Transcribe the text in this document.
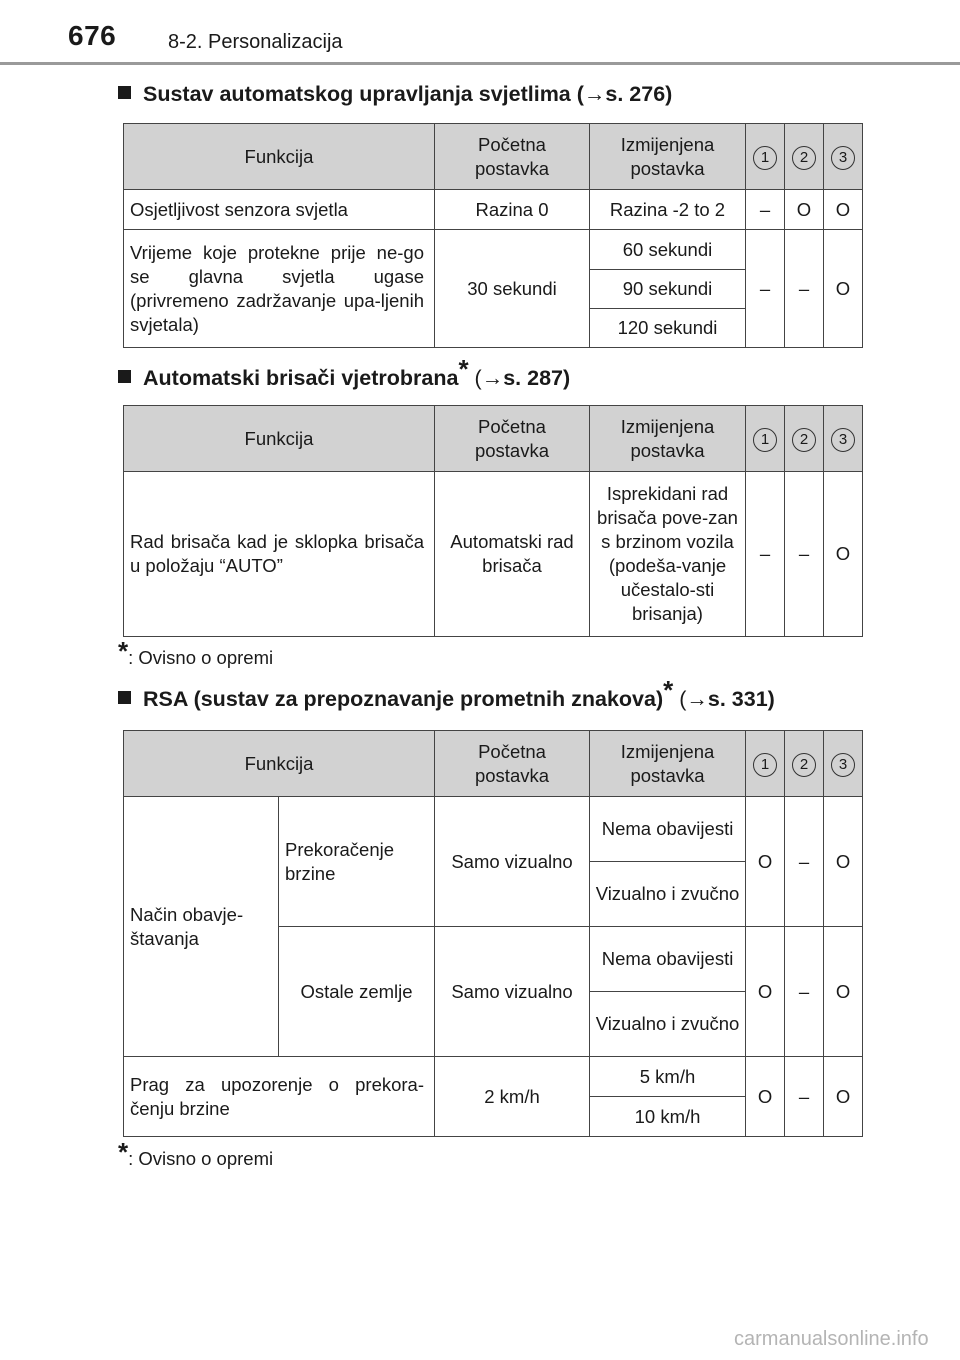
676	8-2. Personalizacija
Sustav automatskog upravljanja svjetlima (→s. 276)
Funkcija	Početna postavka	Izmijenjena postavka	1	2	3
Osjetljivost senzora svjetla	Razina 0	Razina -2 to 2	–	O	O
Vrijeme koje protekne prije ne-go se glavna svjetla ugase (privremeno zadržavanje upa-ljenih svjetala)	30 sekundi	60 sekundi	–	–	O
		90 sekundi			
		120 sekundi			
Automatski brisači vjetrobrana* (→s. 287)
Funkcija	Početna postavka	Izmijenjena postavka	1	2	3
Rad brisača kad je sklopka brisača u položaju “AUTO”	Automatski rad brisača	Isprekidani rad brisača pove-zan s brzinom vozila (podeša-vanje učestalo-sti brisanja)	–	–	O
*: Ovisno o opremi
RSA (sustav za prepoznavanje prometnih znakova)* (→s. 331)
Funkcija		Početna postavka	Izmijenjena postavka	1	2	3
Način obavje-štavanja	Prekoračenje brzine	Samo vizualno	Nema obavijesti	O	–	O
			Vizualno i zvučno			
	Ostale zemlje	Samo vizualno	Nema obavijesti	O	–	O
			Vizualno i zvučno			
Prag za upozorenje o prekora-čenju brzine		2 km/h	5 km/h	O	–	O
			10 km/h			
*: Ovisno o opremi
carmanualsonline.info
